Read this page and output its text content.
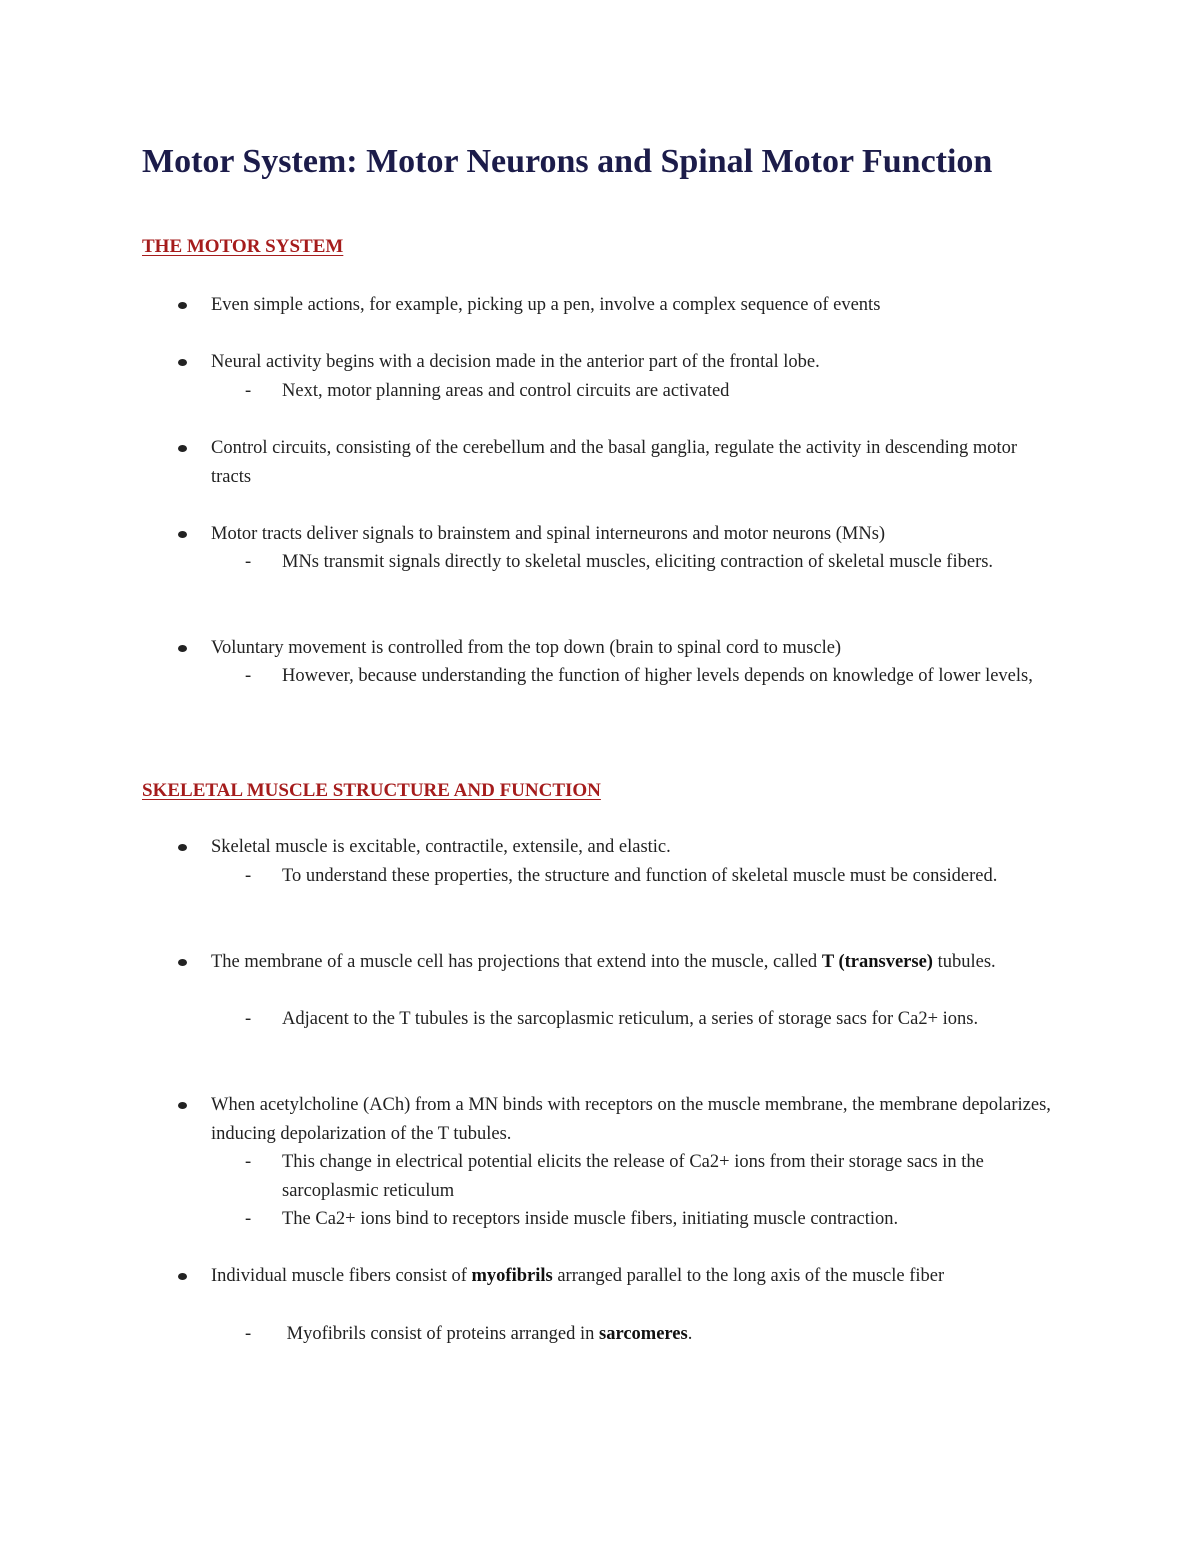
Motor System: Motor Neurons and Spinal Motor Function
THE MOTOR SYSTEM
Even simple actions, for example, picking up a pen, involve a complex sequence of events
Neural activity begins with a decision made in the anterior part of the frontal lobe.
- Next, motor planning areas and control circuits are activated
Control circuits, consisting of the cerebellum and the basal ganglia, regulate the activity in descending motor tracts
Motor tracts deliver signals to brainstem and spinal interneurons and motor neurons (MNs)
- MNs transmit signals directly to skeletal muscles, eliciting contraction of skeletal muscle fibers.
Voluntary movement is controlled from the top down (brain to spinal cord to muscle)
- However, because understanding the function of higher levels depends on knowledge of lower levels,
SKELETAL MUSCLE STRUCTURE AND FUNCTION
Skeletal muscle is excitable, contractile, extensile, and elastic.
- To understand these properties, the structure and function of skeletal muscle must be considered.
The membrane of a muscle cell has projections that extend into the muscle, called T (transverse) tubules.
- Adjacent to the T tubules is the sarcoplasmic reticulum, a series of storage sacs for Ca2+ ions.
When acetylcholine (ACh) from a MN binds with receptors on the muscle membrane, the membrane depolarizes, inducing depolarization of the T tubules.
- This change in electrical potential elicits the release of Ca2+ ions from their storage sacs in the sarcoplasmic reticulum
- The Ca2+ ions bind to receptors inside muscle fibers, initiating muscle contraction.
Individual muscle fibers consist of myofibrils arranged parallel to the long axis of the muscle fiber
- Myofibrils consist of proteins arranged in sarcomeres.
